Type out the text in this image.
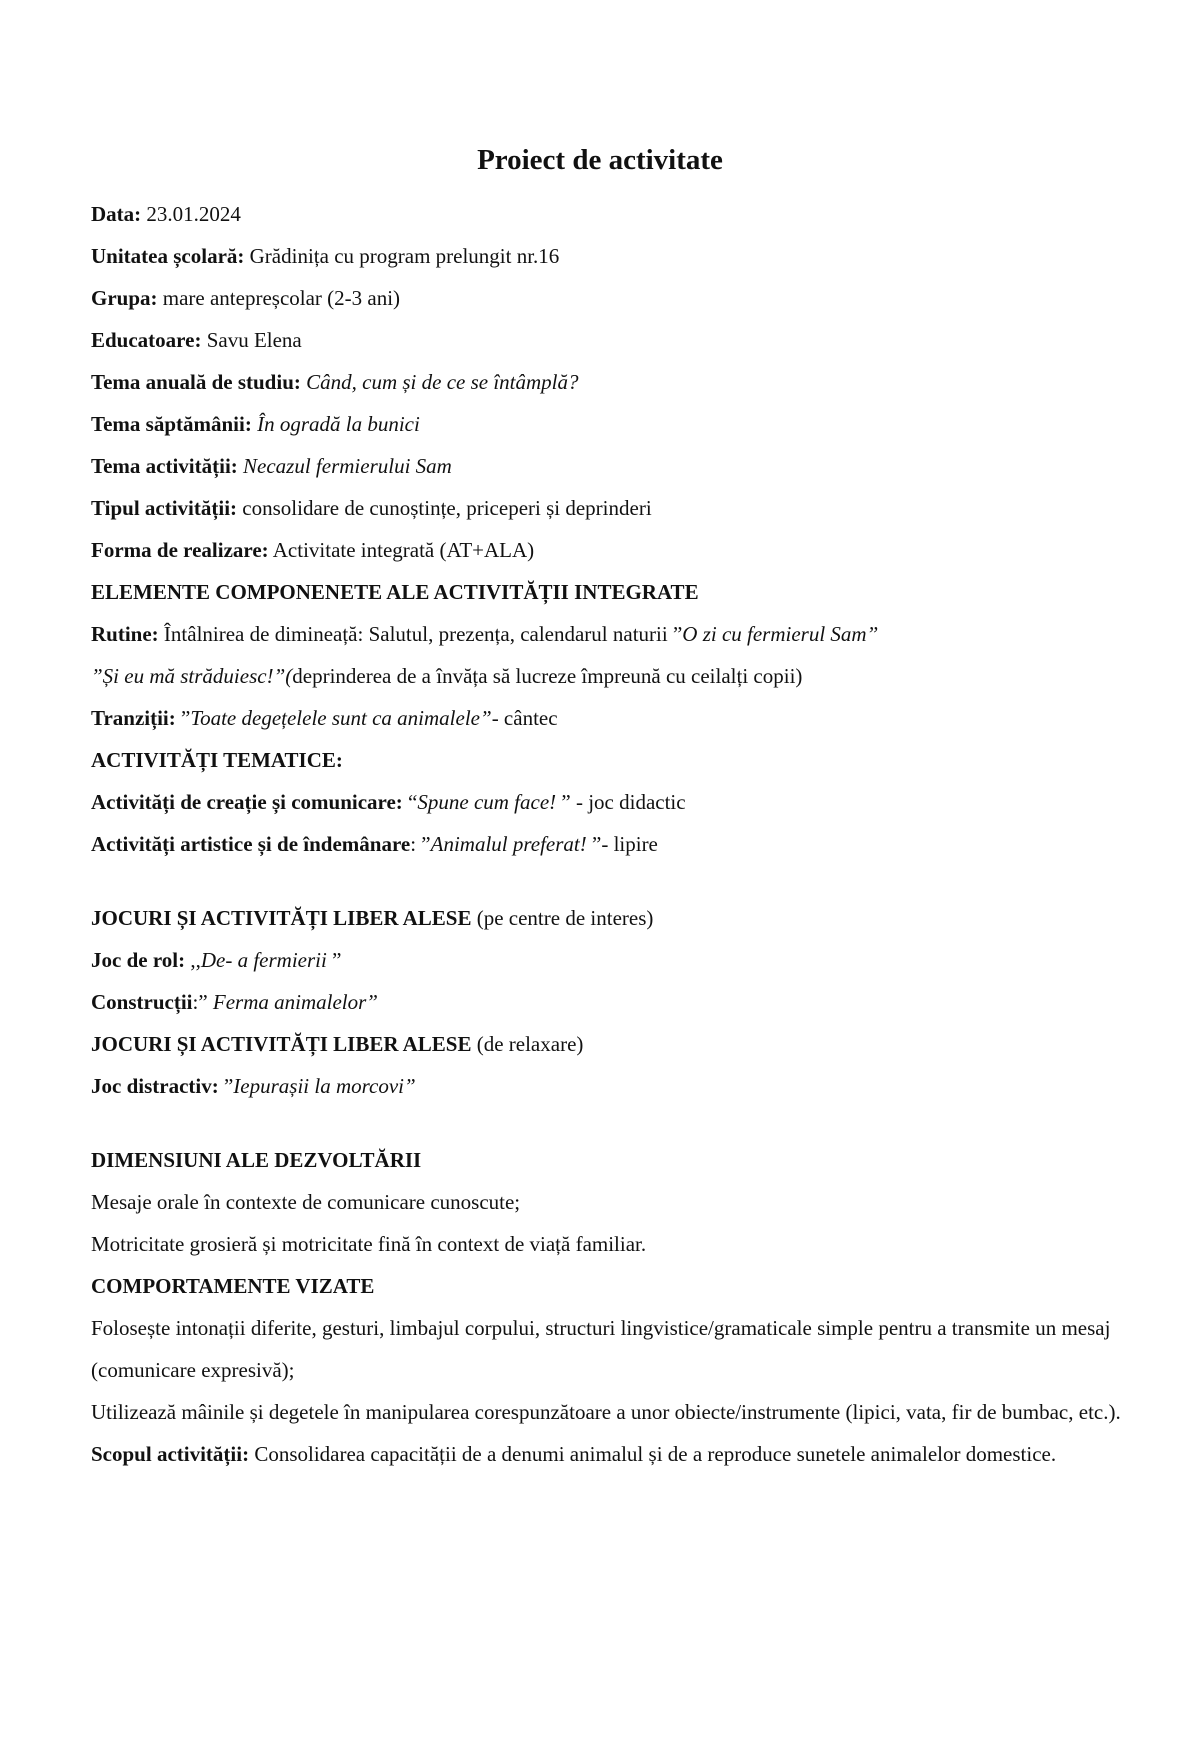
Proiect de activitate
Data: 23.01.2024
Unitatea școlară: Grădinița cu program prelungit nr.16
Grupa: mare antepreșcolar (2-3 ani)
Educatoare: Savu Elena
Tema anuală de studiu: Când, cum și de ce se întâmplă?
Tema săptămânii: În ogradă la bunici
Tema activității: Necazul fermierului Sam
Tipul activității: consolidare de cunoștințe, priceperi și deprinderi
Forma de realizare: Activitate integrată (AT+ALA)
ELEMENTE COMPONENETE ALE ACTIVITĂȚII INTEGRATE
Rutine: Întâlnirea de dimineață: Salutul, prezența, calendarul naturii ”O zi cu fermierul Sam”
”Și eu mă străduiesc!”(deprinderea de a învăța să lucreze împreună cu ceilalți copii)
Tranziții: ”Toate degețelele sunt ca animalele”- cântec
ACTIVITĂȚI TEMATICE:
Activități de creație și comunicare: “Spune cum face! ” - joc didactic
Activități artistice și de îndemânare: ”Animalul preferat! ”- lipire
JOCURI ȘI ACTIVITĂȚI LIBER ALESE (pe centre de interes)
Joc de rol: ,,De- a fermierii ”
Construcții:” Ferma animalelor”
JOCURI ȘI ACTIVITĂȚI LIBER ALESE (de relaxare)
Joc distractiv: ”Iepurașii la morcovi”
DIMENSIUNI ALE DEZVOLTĂRII
Mesaje orale în contexte de comunicare cunoscute;
Motricitate grosieră și motricitate fină în context de viață familiar.
COMPORTAMENTE VIZATE
Folosește intonații diferite, gesturi, limbajul corpului, structuri lingvistice/gramaticale simple pentru a transmite un mesaj (comunicare expresivă);
Utilizează mâinile și degetele în manipularea corespunzătoare a unor obiecte/instrumente (lipici, vata, fir de bumbac, etc.).
Scopul activității: Consolidarea capacității de a denumi animalul și de a reproduce sunetele animalelor domestice.
